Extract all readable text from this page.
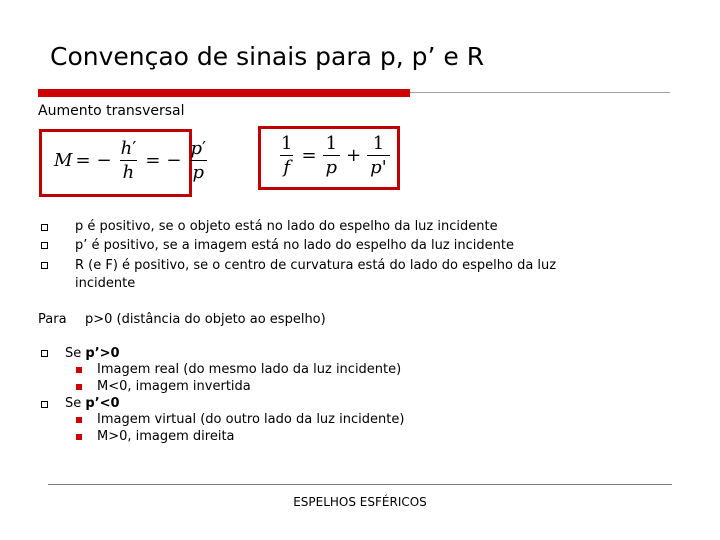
Convençao de sinais para p, p’ e R
Aumento transversal
M = − $\frac{h'}{h}$ = − $\frac{p'}{p}$	$\frac{1}{f} = \frac{1}{p} + \frac{1}{p'}$
p é positivo, se o objeto está no lado do espelho da luz incidente
p’ é positivo, se a imagem está no lado do espelho da luz incidente
R (e F) é positivo, se o centro de curvatura está do lado do espelho da luz
incidente
Para p>0 (distância do objeto ao espelho)
Se p’>0
Imagem real (do mesmo lado da luz incidente)
M<0, imagem invertida
Se p’<0
Imagem virtual (do outro lado da luz incidente)
M>0, imagem direita
ESPELHOS ESFÉRICOS
